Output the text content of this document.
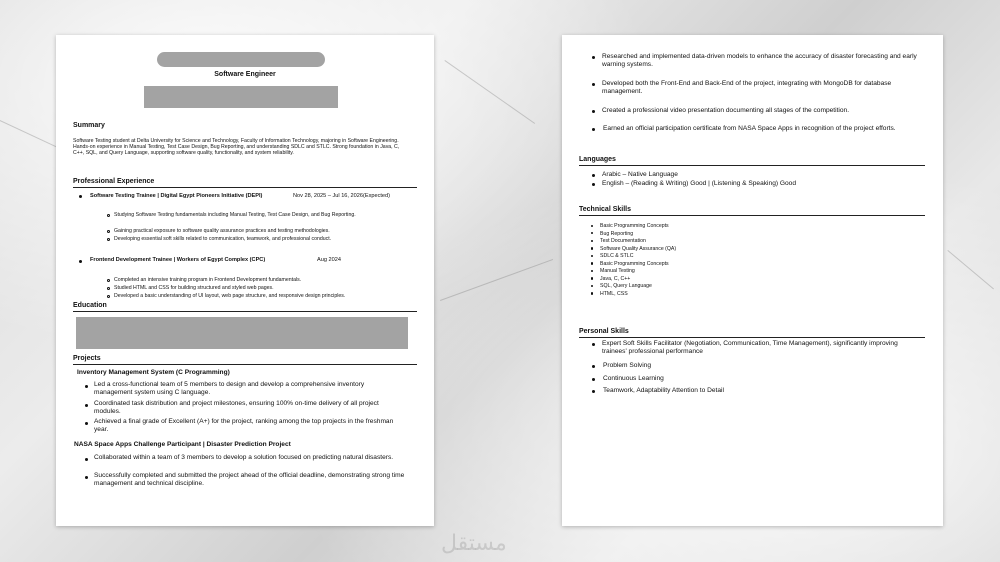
Software Engineer
Summary
Software Testing student at Delta University for Science and Technology, Faculty of Information Technology, majoring in Software Engineering. Hands-on experience in Manual Testing, Test Case Design, Bug Reporting, and understanding SDLC and STLC. Strong foundation in Java, C, C++, SQL, and Query Language, supporting software quality, functionality, and system reliability.
Professional Experience
Software Testing Trainee | Digital Egypt Pioneers Initiative (DEPI)	Nov 28, 2025 – Jul 16, 2026(Expected)
Studying Software Testing fundamentals including Manual Testing, Test Case Design, and Bug Reporting.
Gaining practical exposure to software quality assurance practices and testing methodologies.
Developing essential soft skills related to communication, teamwork, and professional conduct.
Frontend Development Trainee | Workers of Egypt Complex (CPC)	Aug 2024
Completed an intensive training program in Frontend Development fundamentals.
Studied HTML and CSS for building structured and styled web pages.
Developed a basic understanding of UI layout, web page structure, and responsive design principles.
Education
Projects
Inventory Management System (C Programming)
Led a cross-functional team of 5 members to design and develop a comprehensive inventory management system using C language.
Coordinated task distribution and project milestones, ensuring 100% on-time delivery of all project modules.
Achieved a final grade of Excellent (A+) for the project, ranking among the top projects in the freshman year.
NASA Space Apps Challenge Participant | Disaster Prediction Project
Collaborated within a team of 3 members to develop a solution focused on predicting natural disasters.
Successfully completed and submitted the project ahead of the official deadline, demonstrating strong time management and technical discipline.
Researched and implemented data-driven models to enhance the accuracy of disaster forecasting and early warning systems.
Developed both the Front-End and Back-End of the project, integrating with MongoDB for database management.
Created a professional video presentation documenting all stages of the competition.
Earned an official participation certificate from NASA Space Apps in recognition of the project efforts.
Languages
Arabic – Native Language
English – (Reading & Writing) Good | (Listening & Speaking) Good
Technical Skills
Basic Programming Concepts
Bug Reporting
Test Documentation
Software Quality Assurance (QA)
SDLC & STLC
Basic Programming Concepts
Manual Testing
Java, C, C++
SQL, Query Language
HTML, CSS
Personal Skills
Expert Soft Skills Facilitator (Negotiation, Communication, Time Management), significantly improving trainees' professional performance
Problem Solving
Continuous Learning
Teamwork, Adaptability Attention to Detail
مستقل
